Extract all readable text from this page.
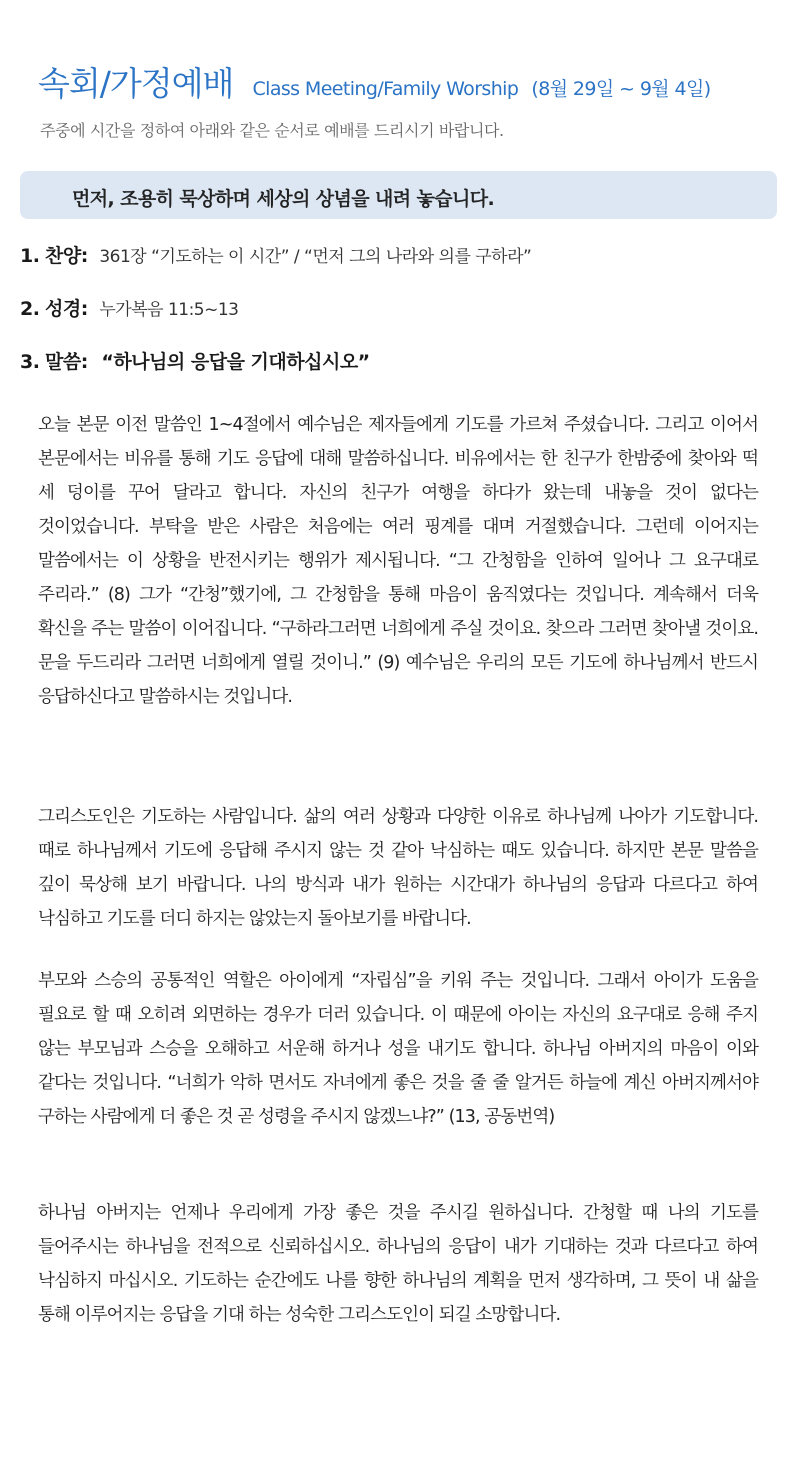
속회/가정예배 Class Meeting/Family Worship (8월 29일 ~ 9월 4일)
주중에 시간을 정하여 아래와 같은 순서로 예배를 드리시기 바랍니다.
먼저, 조용히 묵상하며 세상의 상념을 내려 놓습니다.
1. 찬양: 361장 “기도하는 이 시간” / “먼저 그의 나라와 의를 구하라”
2. 성경: 누가복음 11:5~13
3. 말씀: “하나님의 응답을 기대하십시오”

오늘 본문 이전 말씀인 1~4절에서 예수님은 제자들에게 기도를 가르쳐 주셨습니다. 그리고 이어서 본문에서는 비유를 통해 기도 응답에 대해 말씀하십니다. 비유에서는 한 친구가 한밤중에 찾아와 떡 세 덩이를 꾸어 달라고 합니다. 자신의 친구가 여행을 하다가 왔는데 내놓을 것이 없다는 것이었습니다. 부탁을 받은 사람은 처음에는 여러 핑계를 대며 거절했습니다. 그런데 이어지는 말씀에서는 이 상황을 반전시키는 행위가 제시됩니다. “그 간청함을 인하여 일어나 그 요구대로 주리라.” (8) 그가 “간청”했기에, 그 간청함을 통해 마음이 움직였다는 것입니다. 계속해서 더욱 확신을 주는 말씀이 이어집니다. “구하라그러면 너희에게 주실 것이요. 찾으라 그러면 찾아낼 것이요. 문을 두드리라 그러면 너희에게 열릴 것이니.” (9) 예수님은 우리의 모든 기도에 하나님께서 반드시 응답하신다고 말씀하시는 것입니다.

그리스도인은 기도하는 사람입니다. 삶의 여러 상황과 다양한 이유로 하나님께 나아가 기도합니다. 때로 하나님께서 기도에 응답해 주시지 않는 것 같아 낙심하는 때도 있습니다. 하지만 본문 말씀을 깊이 묵상해 보기 바랍니다. 나의 방식과 내가 원하는 시간대가 하나님의 응답과 다르다고 하여 낙심하고 기도를 더디 하지는 않았는지 돌아보기를 바랍니다.

부모와 스승의 공통적인 역할은 아이에게 “자립심”을 키워 주는 것입니다. 그래서 아이가 도움을 필요로 할 때 오히려 외면하는 경우가 더러 있습니다. 이 때문에 아이는 자신의 요구대로 응해 주지 않는 부모님과 스승을 오해하고 서운해 하거나 성을 내기도 합니다. 하나님 아버지의 마음이 이와 같다는 것입니다. “너희가 악하 면서도 자녀에게 좋은 것을 줄 줄 알거든 하늘에 계신 아버지께서야 구하는 사람에게 더 좋은 것 곧 성령을 주시지 않겠느냐?” (13, 공동번역)

하나님 아버지는 언제나 우리에게 가장 좋은 것을 주시길 원하십니다. 간청할 때 나의 기도를 들어주시는 하나님을 전적으로 신뢰하십시오. 하나님의 응답이 내가 기대하는 것과 다르다고 하여 낙심하지 마십시오. 기도하는 순간에도 나를 향한 하나님의 계획을 먼저 생각하며, 그 뜻이 내 삶을 통해 이루어지는 응답을 기대 하는 성숙한 그리스도인이 되길 소망합니다.
